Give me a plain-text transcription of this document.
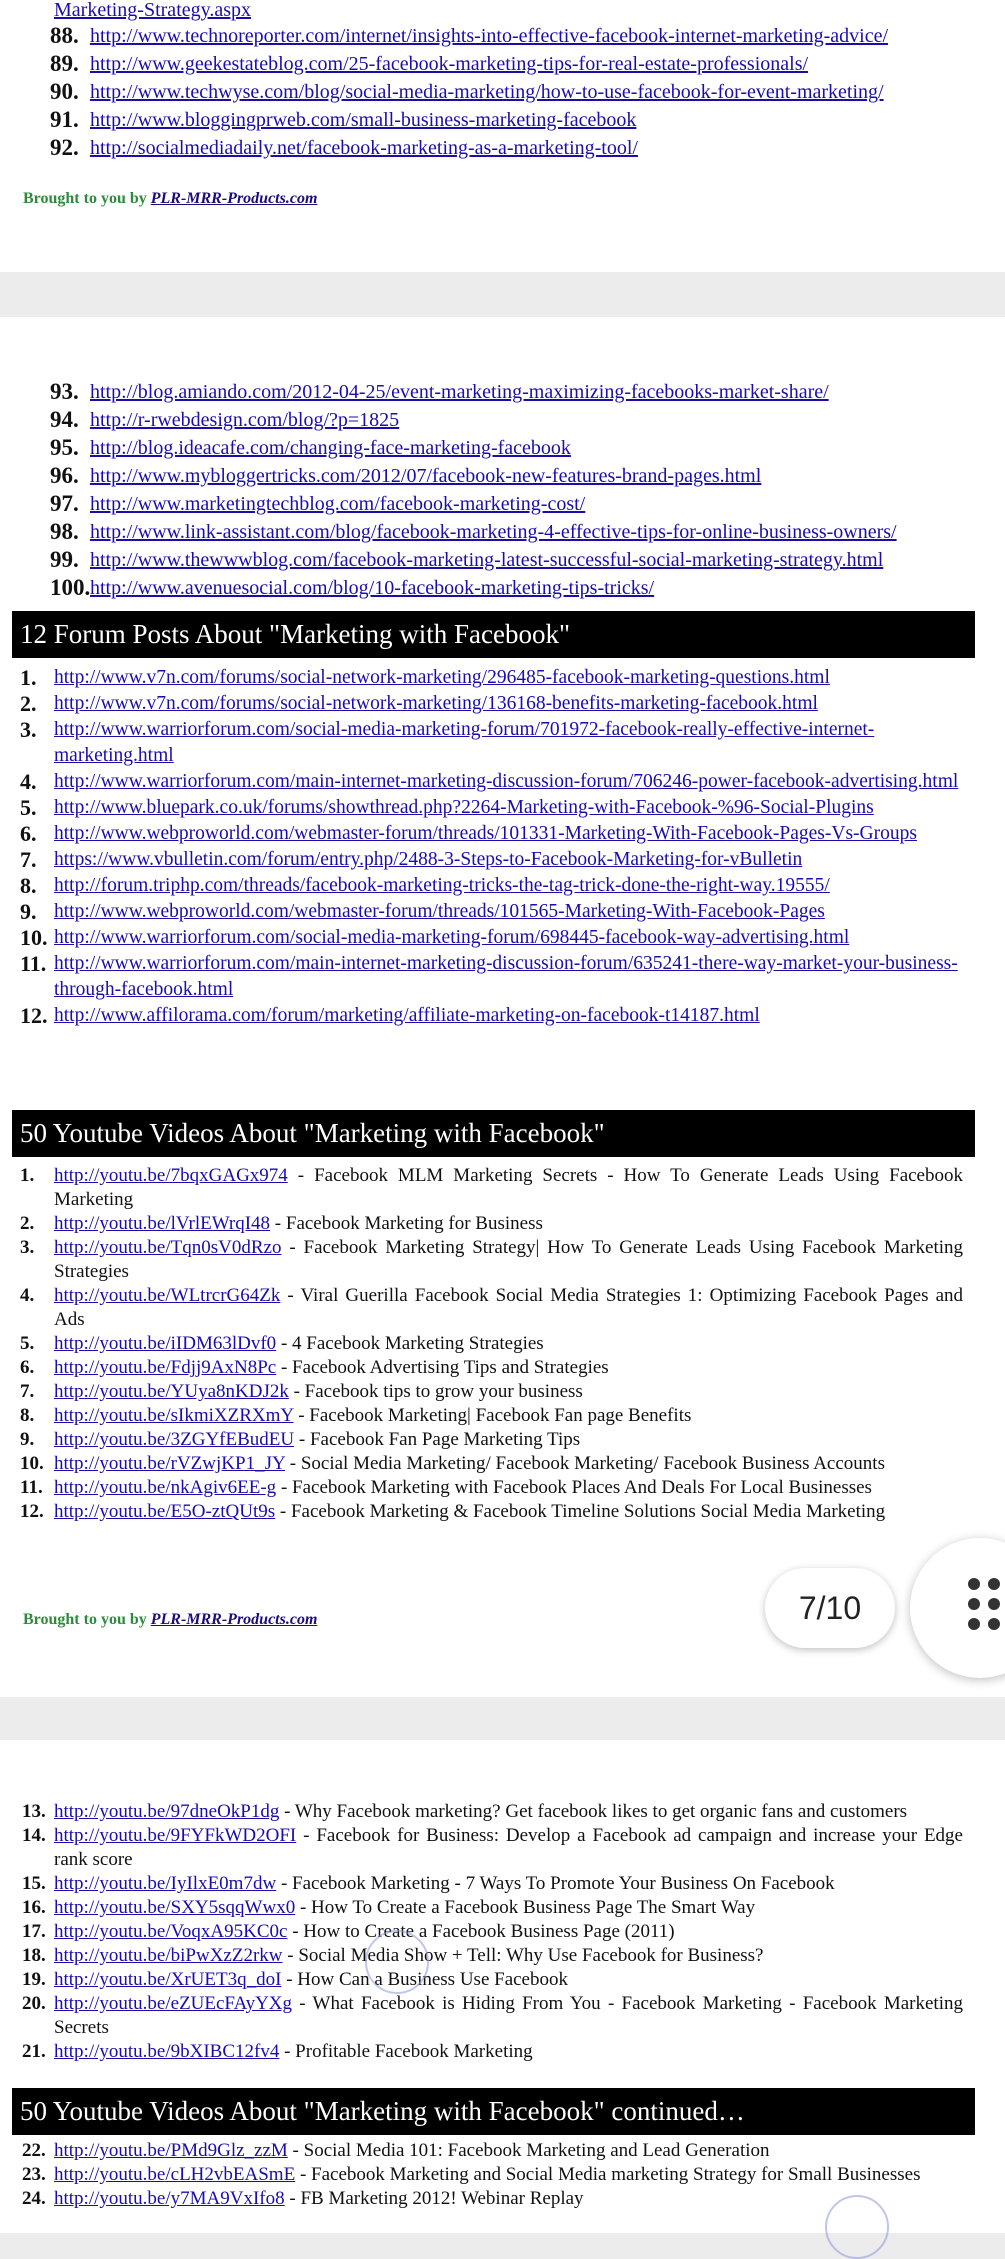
Marketing-Strategy.aspx
88. http://www.technoreporter.com/internet/insights-into-effective-facebook-internet-marketing-advice/
89. http://www.geekestateblog.com/25-facebook-marketing-tips-for-real-estate-professionals/
90. http://www.techwyse.com/blog/social-media-marketing/how-to-use-facebook-for-event-marketing/
91. http://www.bloggingprweb.com/small-business-marketing-facebook
92. http://socialmediadaily.net/facebook-marketing-as-a-marketing-tool/
Brought to you by PLR-MRR-Products.com
93. http://blog.amiando.com/2012-04-25/event-marketing-maximizing-facebooks-market-share/
94. http://r-rwebdesign.com/blog/?p=1825
95. http://blog.ideacafe.com/changing-face-marketing-facebook
96. http://www.mybloggertricks.com/2012/07/facebook-new-features-brand-pages.html
97. http://www.marketingtechblog.com/facebook-marketing-cost/
98. http://www.link-assistant.com/blog/facebook-marketing-4-effective-tips-for-online-business-owners/
99. http://www.thewwwblog.com/facebook-marketing-latest-successful-social-marketing-strategy.html
100. http://www.avenuesocial.com/blog/10-facebook-marketing-tips-tricks/
12 Forum Posts About "Marketing with Facebook"
1. http://www.v7n.com/forums/social-network-marketing/296485-facebook-marketing-questions.html
2. http://www.v7n.com/forums/social-network-marketing/136168-benefits-marketing-facebook.html
3. http://www.warriorforum.com/social-media-marketing-forum/701972-facebook-really-effective-internet-marketing.html
4. http://www.warriorforum.com/main-internet-marketing-discussion-forum/706246-power-facebook-advertising.html
5. http://www.bluepark.co.uk/forums/showthread.php?2264-Marketing-with-Facebook-%96-Social-Plugins
6. http://www.webproworld.com/webmaster-forum/threads/101331-Marketing-With-Facebook-Pages-Vs-Groups
7. https://www.vbulletin.com/forum/entry.php/2488-3-Steps-to-Facebook-Marketing-for-vBulletin
8. http://forum.triphp.com/threads/facebook-marketing-tricks-the-tag-trick-done-the-right-way.19555/
9. http://www.webproworld.com/webmaster-forum/threads/101565-Marketing-With-Facebook-Pages
10. http://www.warriorforum.com/social-media-marketing-forum/698445-facebook-way-advertising.html
11. http://www.warriorforum.com/main-internet-marketing-discussion-forum/635241-there-way-market-your-business-through-facebook.html
12. http://www.affilorama.com/forum/marketing/affiliate-marketing-on-facebook-t14187.html
50 Youtube Videos About "Marketing with Facebook"
1.	http://youtu.be/7bqxGAGx974 - Facebook MLM Marketing Secrets - How To Generate Leads Using Facebook Marketing
2.	http://youtu.be/lVrlEWrqI48 - Facebook Marketing for Business
3.	http://youtu.be/Tqn0sV0dRzo - Facebook Marketing Strategy| How To Generate Leads Using Facebook Marketing Strategies
4.	http://youtu.be/WLtrcrG64Zk - Viral Guerilla Facebook Social Media Strategies 1: Optimizing Facebook Pages and Ads
5.	http://youtu.be/iIDM63lDvf0 - 4 Facebook Marketing Strategies
6.	http://youtu.be/Fdjj9AxN8Pc - Facebook Advertising Tips and Strategies
7.	http://youtu.be/YUya8nKDJ2k - Facebook tips to grow your business
8.	http://youtu.be/sIkmiXZRXmY - Facebook Marketing| Facebook Fan page Benefits
9.	http://youtu.be/3ZGYfEBudEU - Facebook Fan Page Marketing Tips
10. http://youtu.be/rVZwjKP1_JY - Social Media Marketing/ Facebook Marketing/ Facebook Business Accounts
11. http://youtu.be/nkAgiv6EE-g - Facebook Marketing with Facebook Places And Deals For Local Businesses
12. http://youtu.be/E5O-ztQUt9s - Facebook Marketing & Facebook Timeline Solutions Social Media Marketing
Brought to you by PLR-MRR-Products.com
13. http://youtu.be/97dneOkP1dg - Why Facebook marketing? Get facebook likes to get organic fans and customers
14. http://youtu.be/9FYFkWD2OFI - Facebook for Business: Develop a Facebook ad campaign and increase your Edge rank score
15. http://youtu.be/IyIlxE0m7dw - Facebook Marketing - 7 Ways To Promote Your Business On Facebook
16. http://youtu.be/SXY5sqqWwx0 - How To Create a Facebook Business Page The Smart Way
17. http://youtu.be/VoqxA95KC0c - How to Create a Facebook Business Page (2011)
18. http://youtu.be/biPwXzZ2rkw - Social Media Show + Tell: Why Use Facebook for Business?
19. http://youtu.be/XrUET3q_doI - How Can a Business Use Facebook
20. http://youtu.be/eZUEcFAyYXg - What Facebook is Hiding From You - Facebook Marketing - Facebook Marketing Secrets
21. http://youtu.be/9bXIBC12fv4 - Profitable Facebook Marketing
50 Youtube Videos About "Marketing with Facebook" continued…
22. http://youtu.be/PMd9Glz_zzM - Social Media 101: Facebook Marketing and Lead Generation
23. http://youtu.be/cLH2vbEASmE - Facebook Marketing and Social Media marketing Strategy for Small Businesses
24. http://youtu.be/y7MA9VxIfo8 - FB Marketing 2012! Webinar Replay
7/10
